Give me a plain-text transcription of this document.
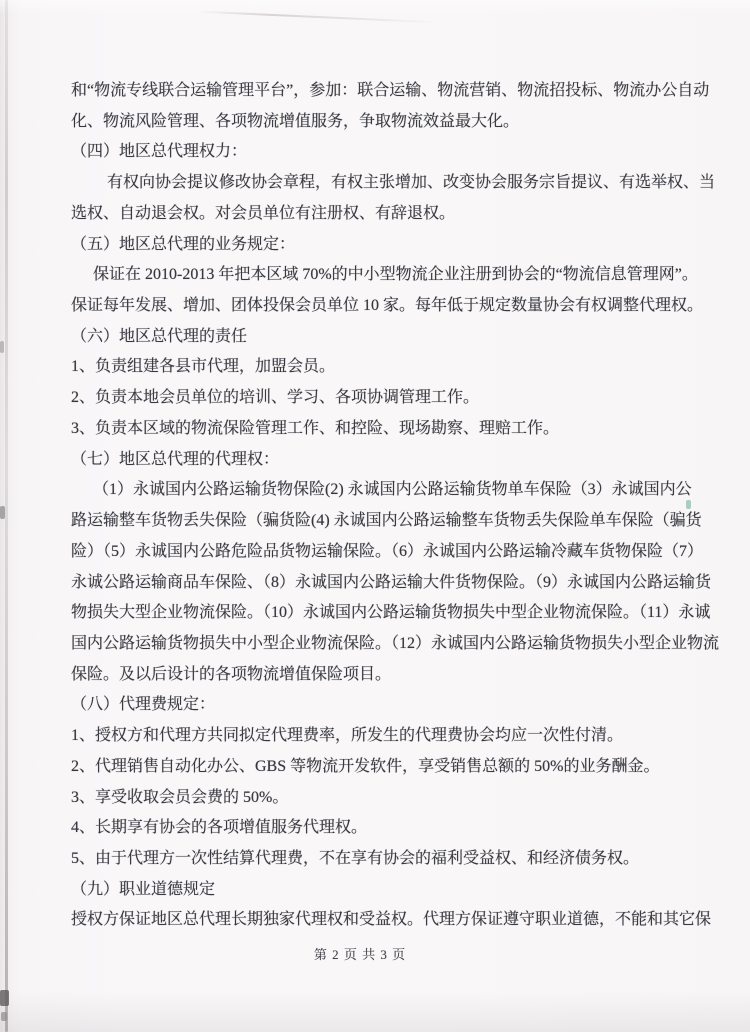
和“物流专线联合运输管理平台”，参加：联合运输、物流营销、物流招投标、物流办公自动
化、物流风险管理、各项物流增值服务，争取物流效益最大化。
（四）地区总代理权力：
有权向协会提议修改协会章程，有权主张增加、改变协会服务宗旨提议、有选举权、当
选权、自动退会权。对会员单位有注册权、有辞退权。
（五）地区总代理的业务规定：
保证在 2010-2013 年把本区域 70%的中小型物流企业注册到协会的“物流信息管理网”。
保证每年发展、增加、团体投保会员单位 10 家。每年低于规定数量协会有权调整代理权。
（六）地区总代理的责任
1、负责组建各县市代理，加盟会员。
2、负责本地会员单位的培训、学习、各项协调管理工作。
3、负责本区域的物流保险管理工作、和控险、现场勘察、理赔工作。
（七）地区总代理的代理权：
（1）永诚国内公路运输货物保险(2) 永诚国内公路运输货物单车保险（3）永诚国内公
路运输整车货物丢失保险（骗货险(4) 永诚国内公路运输整车货物丢失保险单车保险（骗货
险）（5）永诚国内公路危险品货物运输保险。（6）永诚国内公路运输冷藏车货物保险（7）
永诚公路运输商品车保险、（8）永诚国内公路运输大件货物保险。（9）永诚国内公路运输货
物损失大型企业物流保险。（10）永诚国内公路运输货物损失中型企业物流保险。（11）永诚
国内公路运输货物损失中小型企业物流保险。（12）永诚国内公路运输货物损失小型企业物流
保险。及以后设计的各项物流增值保险项目。
（八）代理费规定：
1、授权方和代理方共同拟定代理费率，所发生的代理费协会均应一次性付清。
2、代理销售自动化办公、GBS 等物流开发软件，享受销售总额的 50%的业务酬金。
3、享受收取会员会费的 50%。
4、长期享有协会的各项增值服务代理权。
5、由于代理方一次性结算代理费，不在享有协会的福利受益权、和经济债务权。
（九）职业道德规定
授权方保证地区总代理长期独家代理权和受益权。代理方保证遵守职业道德，不能和其它保
第 2 页 共 3 页
